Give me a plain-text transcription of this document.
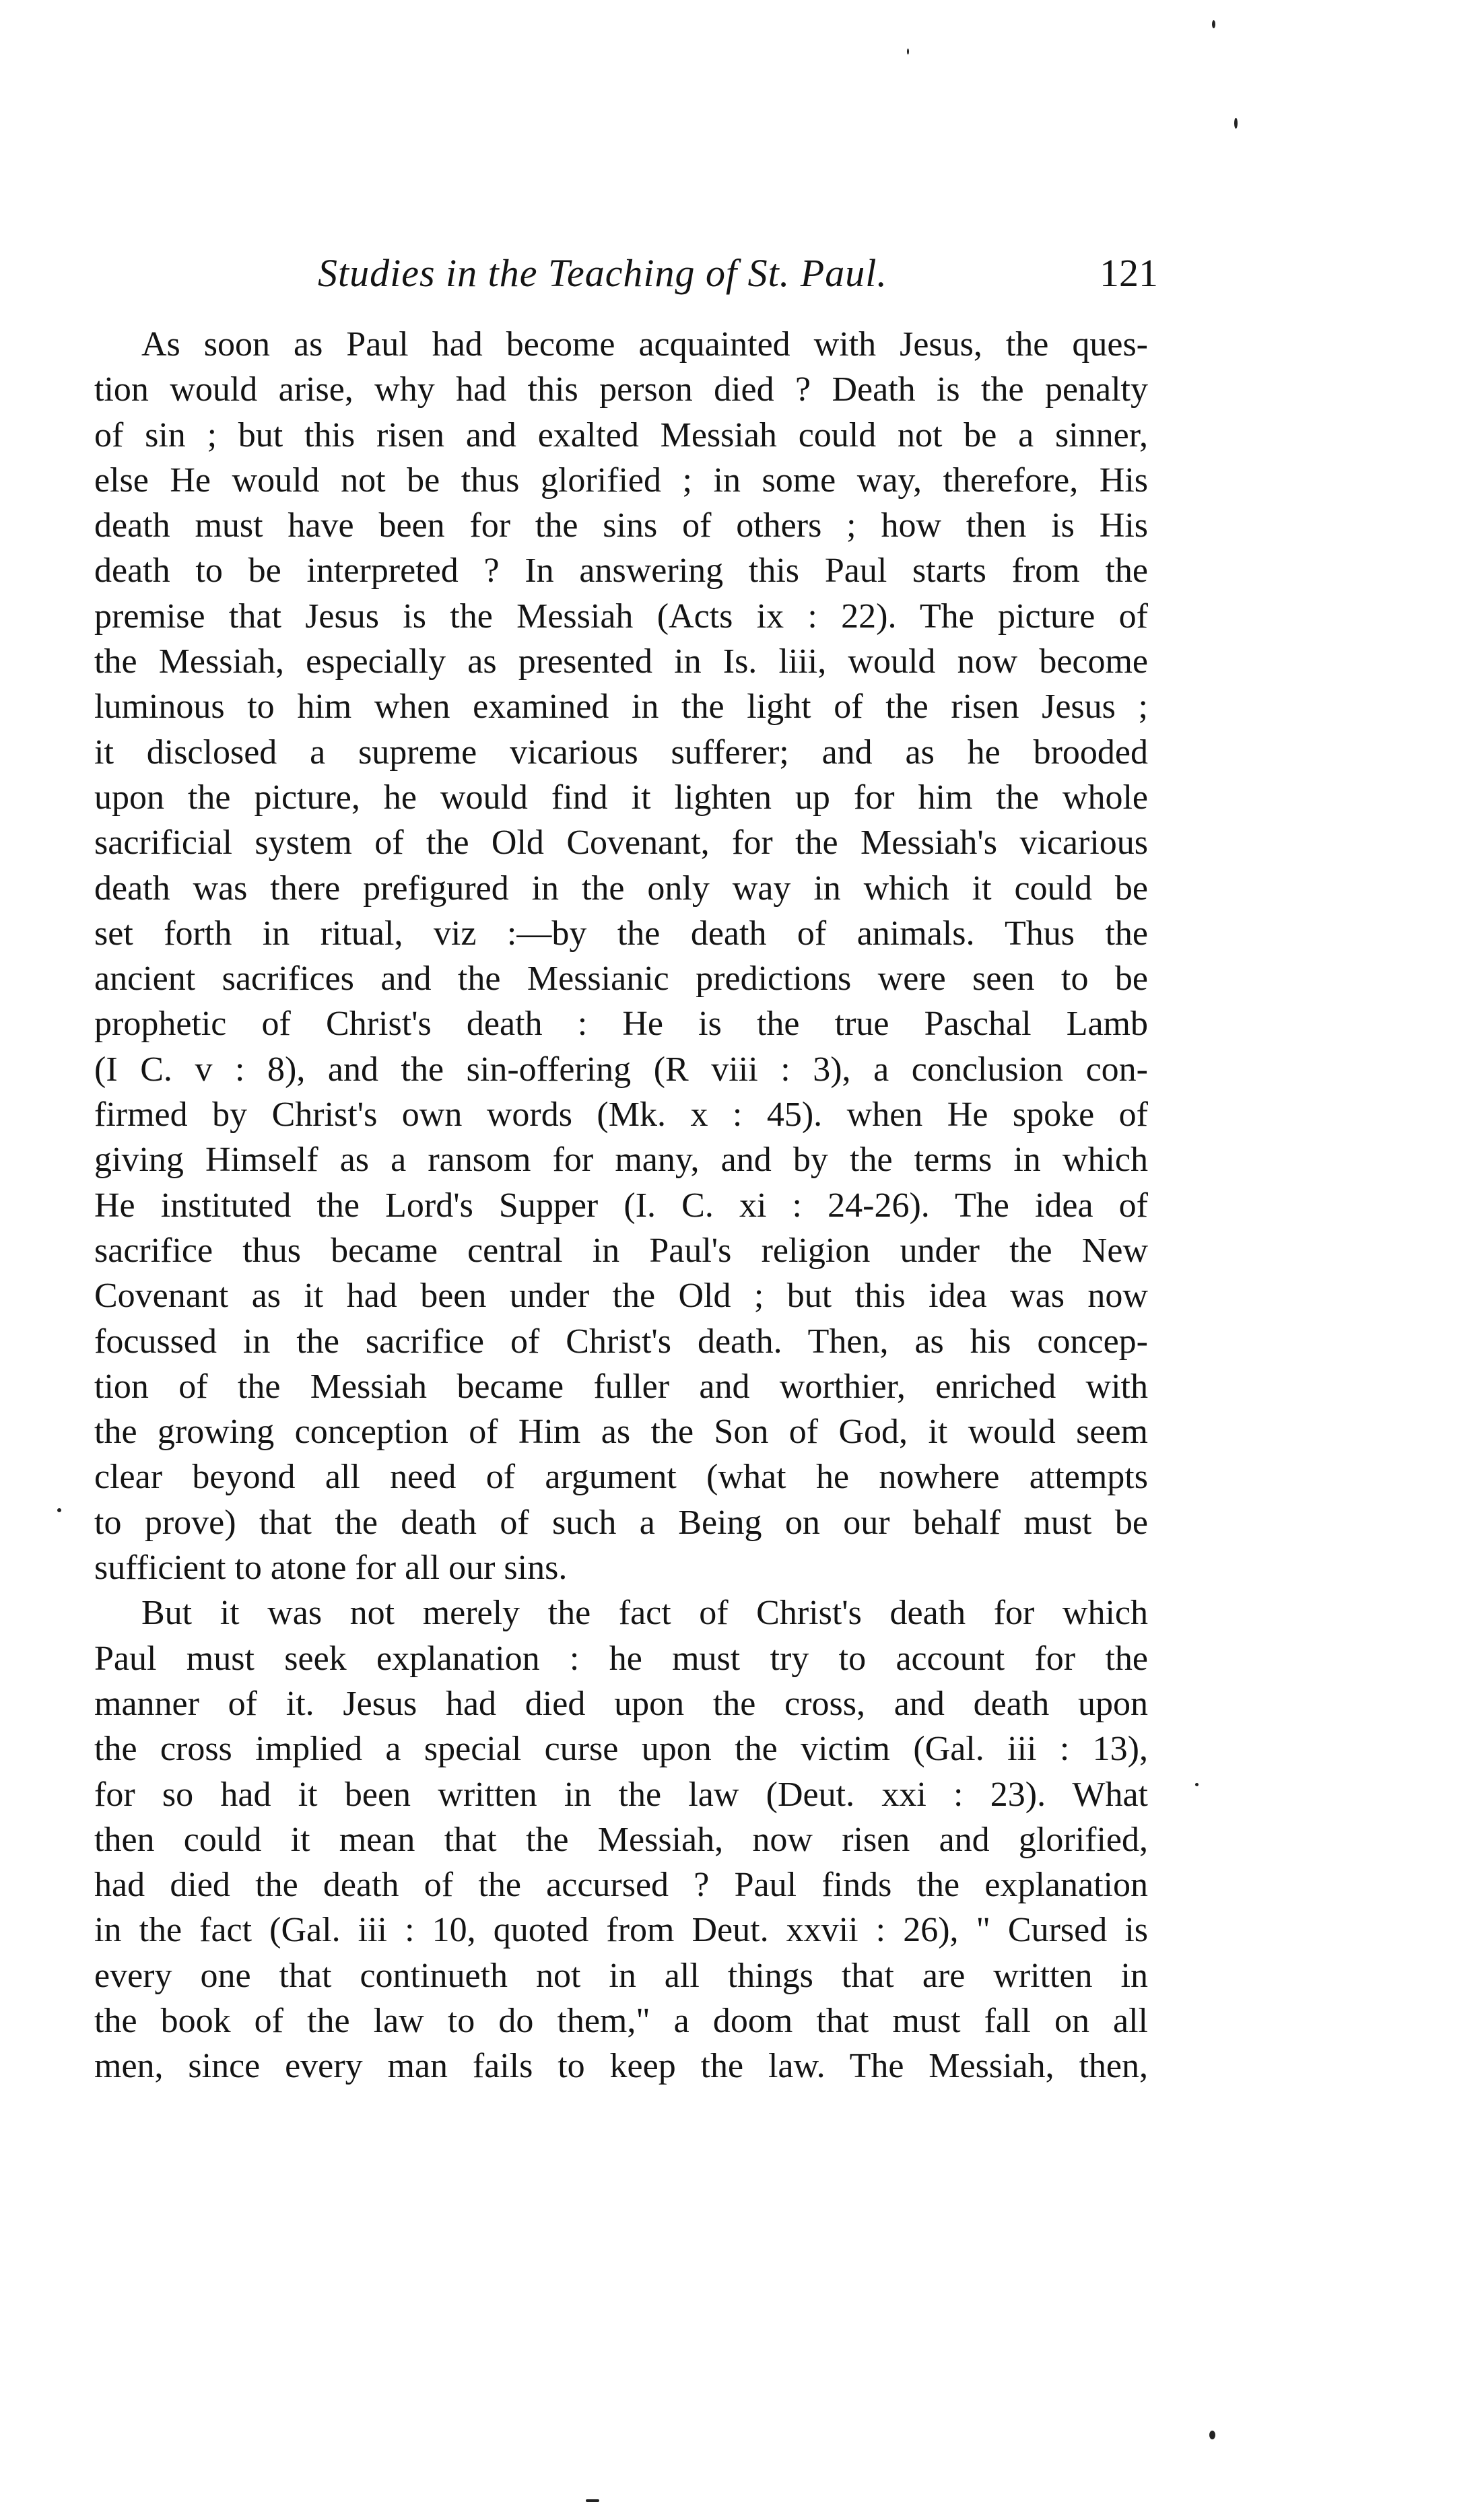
Studies in the Teaching of St. Paul.	121
As soon as Paul had become acquainted with Jesus, the ques-
tion would arise, why had this person died ? Death is the penalty
of sin ; but this risen and exalted Messiah could not be a sinner,
else He would not be thus glorified ; in some way, therefore, His
death must have been for the sins of others ; how then is His
death to be interpreted ? In answering this Paul starts from the
premise that Jesus is the Messiah (Acts ix : 22). The picture of
the Messiah, especially as presented in Is. liii, would now become
luminous to him when examined in the light of the risen Jesus ;
it disclosed a supreme vicarious sufferer; and as he brooded
upon the picture, he would find it lighten up for him the whole
sacrificial system of the Old Covenant, for the Messiah's vicarious
death was there prefigured in the only way in which it could be
set forth in ritual, viz :—by the death of animals. Thus the
ancient sacrifices and the Messianic predictions were seen to be
prophetic of Christ's death : He is the true Paschal Lamb
(I C. v : 8), and the sin-offering (R viii : 3), a conclusion con-
firmed by Christ's own words (Mk. x : 45). when He spoke of
giving Himself as a ransom for many, and by the terms in which
He instituted the Lord's Supper (I. C. xi : 24-26). The idea of
sacrifice thus became central in Paul's religion under the New
Covenant as it had been under the Old ; but this idea was now
focussed in the sacrifice of Christ's death. Then, as his concep-
tion of the Messiah became fuller and worthier, enriched with
the growing conception of Him as the Son of God, it would seem
clear beyond all need of argument (what he nowhere attempts
to prove) that the death of such a Being on our behalf must be
sufficient to atone for all our sins.
But it was not merely the fact of Christ's death for which
Paul must seek explanation : he must try to account for the
manner of it. Jesus had died upon the cross, and death upon
the cross implied a special curse upon the victim (Gal. iii : 13),
for so had it been written in the law (Deut. xxi : 23). What
then could it mean that the Messiah, now risen and glorified,
had died the death of the accursed ? Paul finds the explanation
in the fact (Gal. iii : 10, quoted from Deut. xxvii : 26), " Cursed is
every one that continueth not in all things that are written in
the book of the law to do them," a doom that must fall on all
men, since every man fails to keep the law. The Messiah, then,
